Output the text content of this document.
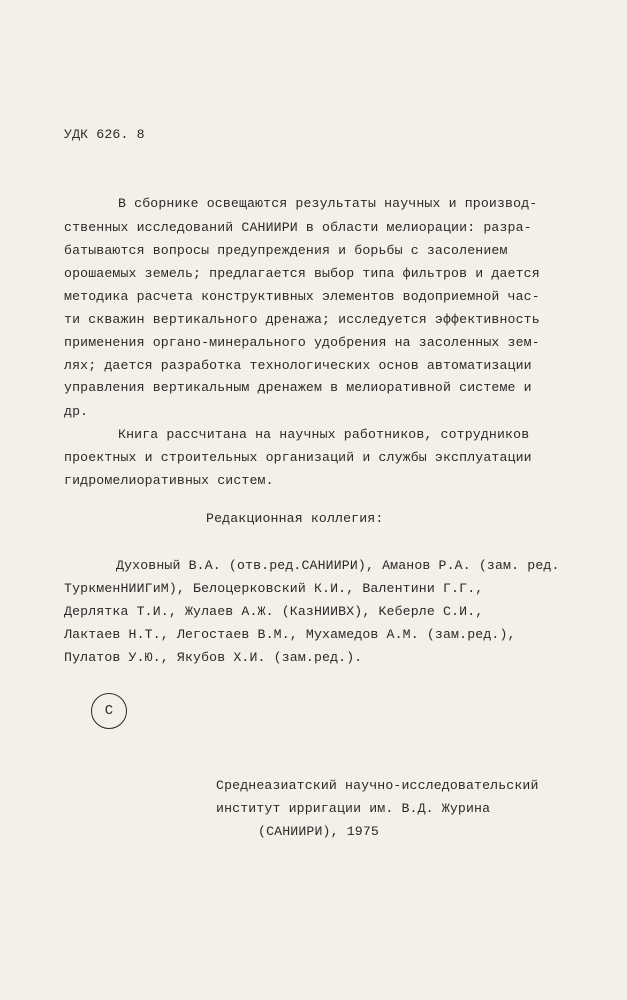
УДК 626. 8
В сборнике освещаются результаты научных и производ-
ственных исследований САНИИРИ в области мелиорации: разра-
батываются вопросы предупреждения и борьбы с засолением
орошаемых земель; предлагается выбор типа фильтров и дается
методика расчета конструктивных элементов водоприемной час-
ти скважин вертикального дренажа; исследуется эффективность
применения органо-минерального удобрения на засоленных зем-
лях; дается разработка технологических основ автоматизации
управления вертикальным дренажем в мелиоративной системе и
др.
Книга рассчитана на научных работников, сотрудников
проектных и строительных организаций и службы эксплуатации
гидромелиоративных систем.
Редакционная коллегия:
Духовный В.А. (отв.ред.САНИИРИ), Аманов Р.А. (зам. ред.
ТуркменНИИГиМ), Белоцерковский К.И., Валентини Г.Г.,
Дерлятка Т.И., Жулаев А.Ж. (КазНИИВХ), Keберле С.И.,
Лактаев Н.Т., Легостаев В.М., Мухамедов А.М. (зам.ред.),
Пулатов У.Ю., Якубов Х.И. (зам.ред.).
С
Среднеазиатский научно-исследовательский
институт ирригации им. В.Д. Журина
(САНИИРИ), 1975
